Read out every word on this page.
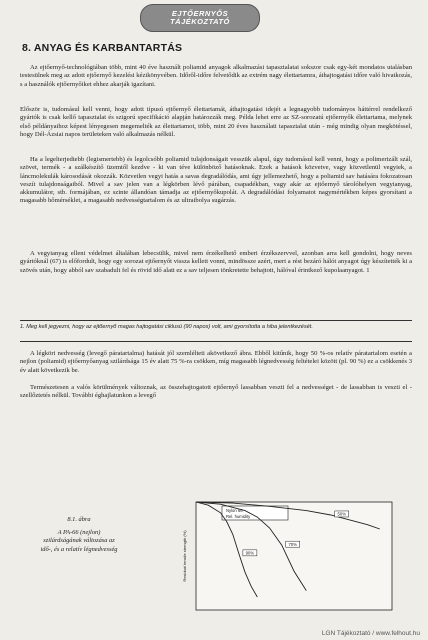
EJTŐERNYŐS
TÁJÉKOZTATÓ
8. ANYAG ÉS KARBANTARTÁS

Az ejtőernyő-technológiában több, mint 40 éve használt poliamid anyagok alkalmazási tapasztalatai sokszor csak egy-két mondatos utalásban testesülnek meg az adott ejtőernyő kezelési kézikönyvében. Időről-időre felvetődik az extrém nagy élettartamra, áthajtogatási időre való hivatkozás, s a használók ejtőernyőiket ehhez akarják igazítani.

Először is, tudomásul kell venni, hogy adott típusú ejtőernyő élettartamát, áthajtogatási idejét a legnagyobb tudományos háttérrel rendelkező gyártók is csak kellő tapasztalat és szigorú specifikáció alapján határozzák meg. Példa lehet erre az SZ-sorozatú ejtőernyők élettartama, melynek első példányaihoz képest lényegesen megemelték az élettartamot, több, mint 20 éves használati tapasztalat után - még mindig olyan megkötéssel, hogy Dél-Ázsiai napos területeken való alkalmazás nélkül.

Ha a legelterjedtebb (legismertebb) és legolcsóbb poliamid tulajdonságait vesszük alapul, úgy tudomásul kell venni, hogy a polimerizált szál, szövet, termék - a szálkészítő üzemtől kezdve - ki van téve különböző hatásoknak. Ezek a hatások közvetve, vagy közvetlenül vegyiek, a láncmolekulák károsodását okozzák. Közvetlen vegyi hatás a savas degradálódás, ami úgy jellemezhető, hogy a poliamid sav hatására fokozatosan veszít tulajdonságaiból. Mivel a sav jelen van a légkörben lévő párában, csapadékban, vagy akár az ejtőernyő tárolóhelyen vegyianyag, akkumulátor, stb. formájában, ez szinte állandóan támadja az ejtőernyőkupolát. A degradálódási folyamatot nagymértékben képes gyorsítani a magasabb hőmérséklet, a magasabb nedvességtartalom és az ultraibolya sugárzás.

A vegyianyag elleni védelmet általában lebecsülik, mivel nem érzékelhető emberi érzékszervvel, azonban arra kell gondolni, hogy neves gyártóknál (67) is előfordult, hogy egy sorozat ejtőernyőt vissza kellett vonni, mindössze azért, mert a rést bezáró hálót anyagot úgy készítették ki a szövés után, hogy abból sav szabadult fel és rövid idő alatt ez a sav teljesen tönkretette behajtott, hálóval érintkező kupolaanyagot. 1

1. Meg kell jegyezni, hogy az ejtőernyő magas hajtogatási ciklusú (90 napos) volt, ami gyorsította a hiba jelentkezését.

A légköri nedvesség (levegő páratartalma) hatását jól szemlélteti akövetkező ábra. Ebből kitűnik, hogy 50 %-os relatív páratartalom esetén a nejlon (poliamid) ejtőernyőanyag szilárdsága 15 év alatt 75 %-ra csökken, míg magasabb légnedvesség feltételei között (pl. 90 %) ez a csökkenés 3 év alatt következik be.

Természetesen a valós körülmények változnak, az összehajtogatott ejtőernyő lassabban veszti fel a nedvességet - de lassabban is veszti el - szellőztetés nélkül. További éghajlatunkon a levegő

8.1. ábra
A PA-66 (nejlon) szilárdságának változása az idő-, és a relatív légnedvesség	Residual tensile strength (%)
Nylon 66
Rel. humidity
90%
70%
50%
LGN Tájékoztató / www.felhout.hu
